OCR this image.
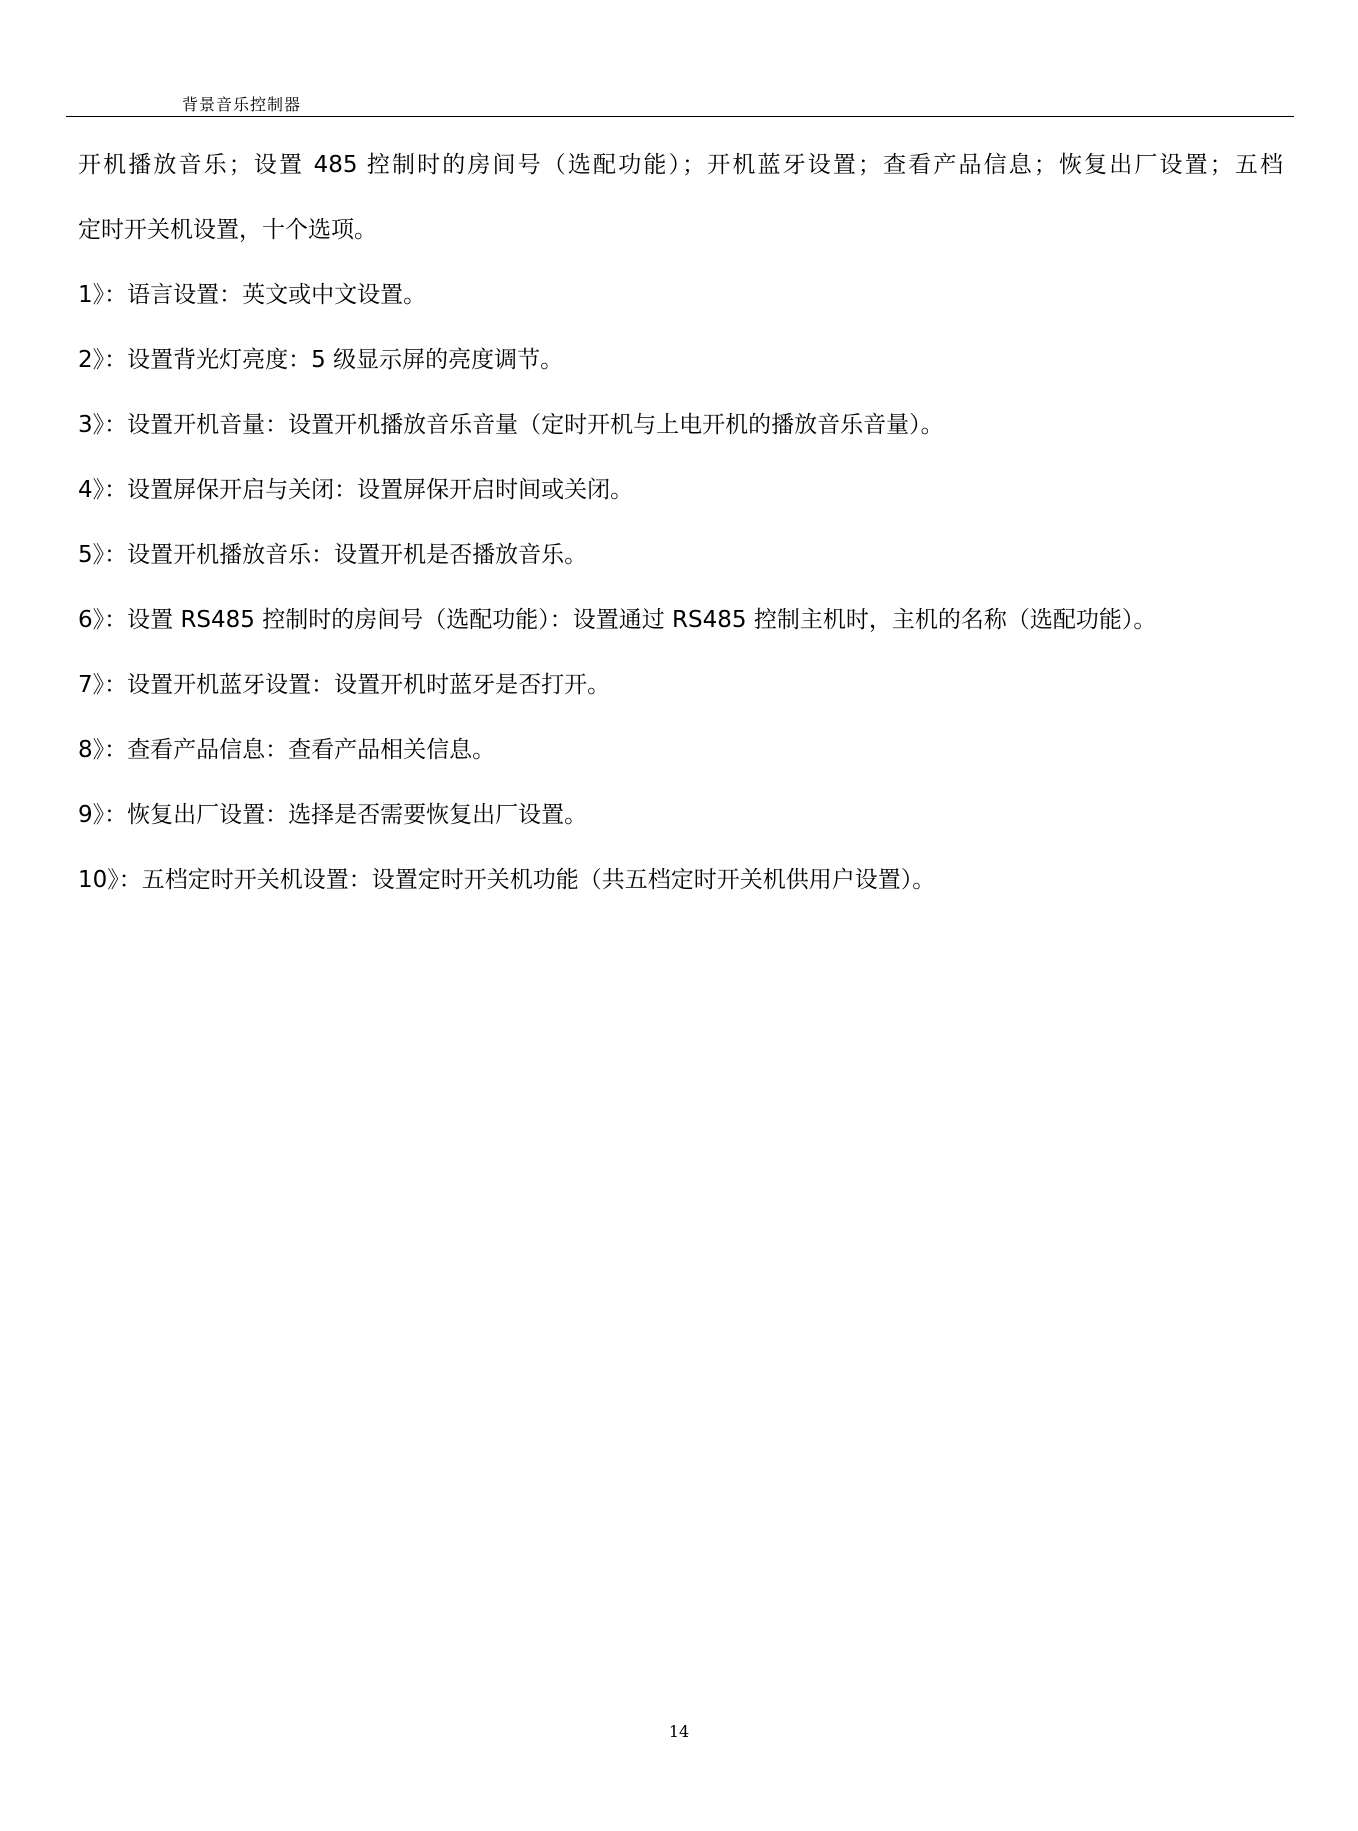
背景音乐控制器
开机播放音乐；设置 485 控制时的房间号（选配功能）；开机蓝牙设置；查看产品信息；恢复出厂设置；五档
定时开关机设置，十个选项。
1》：语言设置：英文或中文设置。
2》：设置背光灯亮度：5 级显示屏的亮度调节。
3》：设置开机音量：设置开机播放音乐音量（定时开机与上电开机的播放音乐音量）。
4》：设置屏保开启与关闭：设置屏保开启时间或关闭。
5》：设置开机播放音乐：设置开机是否播放音乐。
6》：设置 RS485 控制时的房间号（选配功能）：设置通过 RS485 控制主机时，主机的名称（选配功能）。
7》：设置开机蓝牙设置：设置开机时蓝牙是否打开。
8》：查看产品信息：查看产品相关信息。
9》：恢复出厂设置：选择是否需要恢复出厂设置。
10》：五档定时开关机设置：设置定时开关机功能（共五档定时开关机供用户设置）。
14
